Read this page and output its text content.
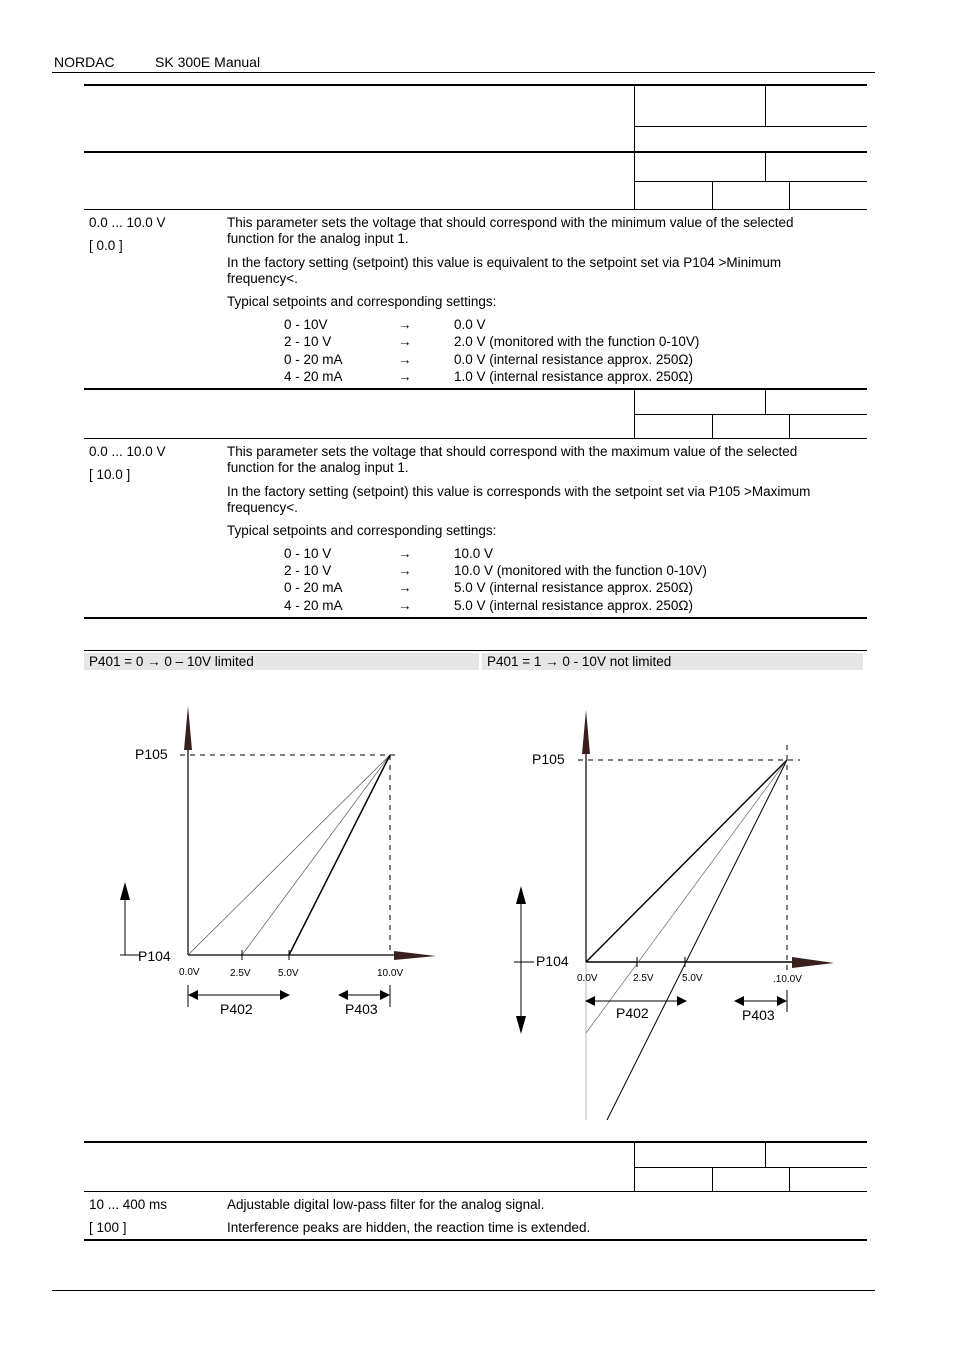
NORDAC	SK 300E Manual
0.0 ... 10.0 V
[ 0.0 ]
This parameter sets the voltage that should correspond with the minimum value of the selected
function for the analog input 1.
In the factory setting (setpoint) this value is equivalent to the setpoint set via P104 >Minimum
frequency<.
Typical setpoints and corresponding settings:
0 - 10V	→	0.0 V
2 - 10 V	→	2.0 V (monitored with the function 0-10V)
0 - 20 mA	→	0.0 V (internal resistance approx. 250Ω)
4 - 20 mA	→	1.0 V (internal resistance approx. 250Ω)
0.0 ... 10.0 V
[ 10.0 ]
This parameter sets the voltage that should correspond with the maximum value of the selected
function for the analog input 1.
In the factory setting (setpoint) this value is corresponds with the setpoint set via P105 >Maximum
frequency<.
Typical setpoints and corresponding settings:
0 - 10 V	→	10.0 V
2 - 10 V	→	10.0 V (monitored with the function 0-10V)
0 - 20 mA	→	5.0 V (internal resistance approx. 250Ω)
4 - 20 mA	→	5.0 V (internal resistance approx. 250Ω)
P401 = 0 → 0 – 10V limited	P401 = 1 → 0 - 10V not limited
P105
P104
0.0V	2.5V	5.0V	10.0V
P402	P403
P105
P104
0.0V	2.5V	5.0V	.10.0V
P402	P403
10 ... 400 ms
[ 100 ]
Adjustable digital low-pass filter for the analog signal.
Interference peaks are hidden, the reaction time is extended.
